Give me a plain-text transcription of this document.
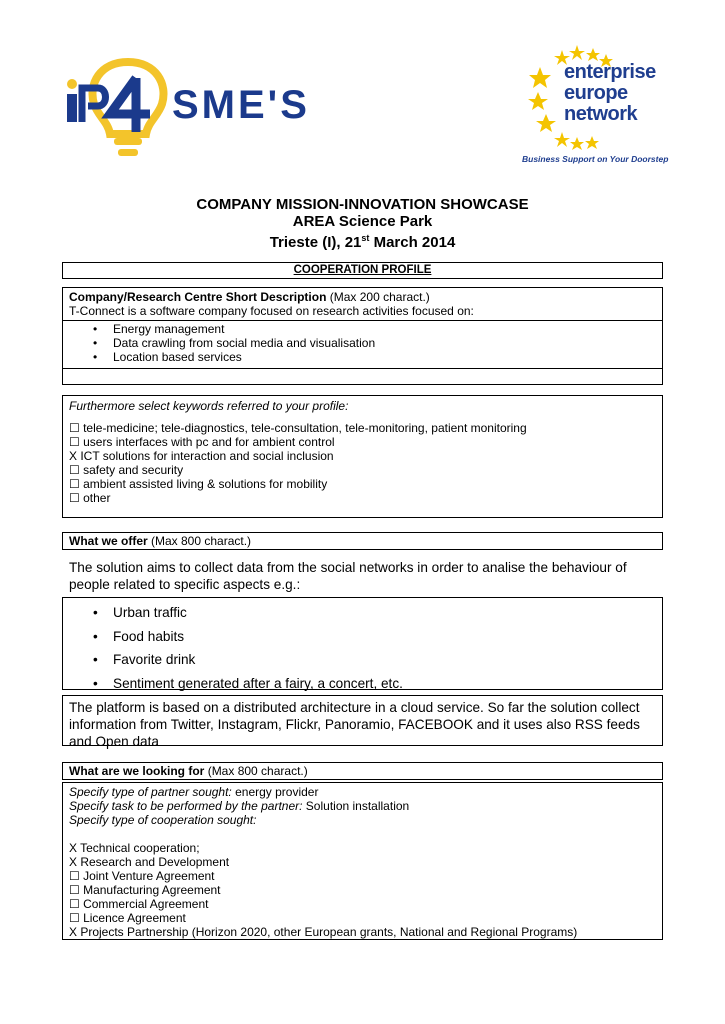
SME'S
enterprise
europe
network
Business Support on Your Doorstep
COMPANY MISSION-INNOVATION SHOWCASE
AREA Science Park
Trieste (I), 21st March 2014
COOPERATION PROFILE
Company/Research Centre Short Description (Max 200 charact.)
T-Connect is a software company focused on research activities focused on:
• Energy management
• Data crawling from social media and visualisation
• Location based services
Furthermore select keywords referred to your profile:
☐ tele-medicine; tele-diagnostics, tele-consultation, tele-monitoring, patient monitoring
☐ users interfaces with pc and for ambient control
X ICT solutions for interaction and social inclusion
☐ safety and security
☐ ambient assisted living & solutions for mobility
☐ other
What we offer (Max 800 charact.)
The solution aims to collect data from the social networks in order to analise the behaviour of people related to specific aspects e.g.:
• Urban traffic
• Food habits
• Favorite drink
• Sentiment generated after a fairy, a concert, etc.
The platform is based on a distributed architecture in a cloud service. So far the solution collect information from Twitter, Instagram, Flickr, Panoramio, FACEBOOK and it uses also RSS feeds and Open data
What are we looking for (Max 800 charact.)
Specify type of partner sought: energy provider
Specify task to be performed by the partner: Solution installation
Specify type of cooperation sought:
X Technical cooperation;
X Research and Development
☐ Joint Venture Agreement
☐ Manufacturing Agreement
☐ Commercial Agreement
☐ Licence Agreement
X Projects Partnership (Horizon 2020, other European grants, National and Regional Programs)
